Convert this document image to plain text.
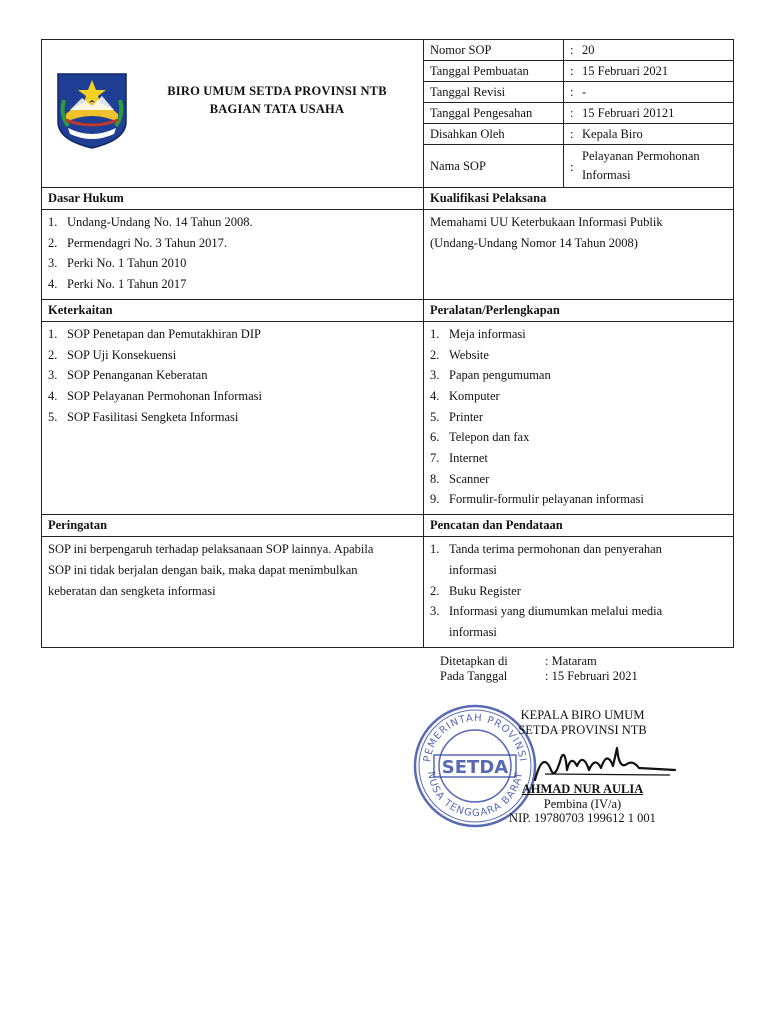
BIRO UMUM SETDA PROVINSI NTB
BAGIAN TATA USAHA

Nomor SOP	: 20

Tanggal Pembuatan	: 15 Februari 2021

Tanggal Revisi	: -

Tanggal Pengesahan	: 15 Februari 20121

Disahkan Oleh	: Kepala Biro

Nama SOP	:
Pelayanan Permohonan
Informasi

Dasar Hukum
1. Undang-Undang No. 14 Tahun 2008.
2. Permendagri No. 3 Tahun 2017.
3. Perki No. 1 Tahun 2010
4. Perki No. 1 Tahun 2017

Kualifikasi Pelaksana
Memahami UU Keterbukaan Informasi Publik
(Undang-Undang Nomor 14 Tahun 2008)

Keterkaitan
1. SOP Penetapan dan Pemutakhiran DIP
2. SOP Uji Konsekuensi
3. SOP Penanganan Keberatan
4. SOP Pelayanan Permohonan Informasi
5. SOP Fasilitasi Sengketa Informasi

Peralatan/Perlengkapan
1. Meja informasi
2. Website
3. Papan pengumuman
4. Komputer
5. Printer
6. Telepon dan fax
7. Internet
8. Scanner
9. Formulir-formulir pelayanan informasi

Peringatan
SOP ini berpengaruh terhadap pelaksanaan SOP lainnya. Apabila
SOP ini tidak berjalan dengan baik, maka dapat menimbulkan
keberatan dan sengketa informasi

Pencatan dan Pendataan
1. Tanda terima permohonan dan penyerahan
informasi
2. Buku Register
3. Informasi yang diumumkan melalui media
informasi
Ditetapkan di	: Mataram
Pada Tanggal	: 15 Februari 2021
PEMERINTAH PROVINSI
NUSA TENGGARA BARAT
SETDA
KEPALA BIRO UMUM
SETDA PROVINSI NTB
AHMAD NUR AULIA
Pembina (IV/a)
NIP. 19780703 199612 1 001
